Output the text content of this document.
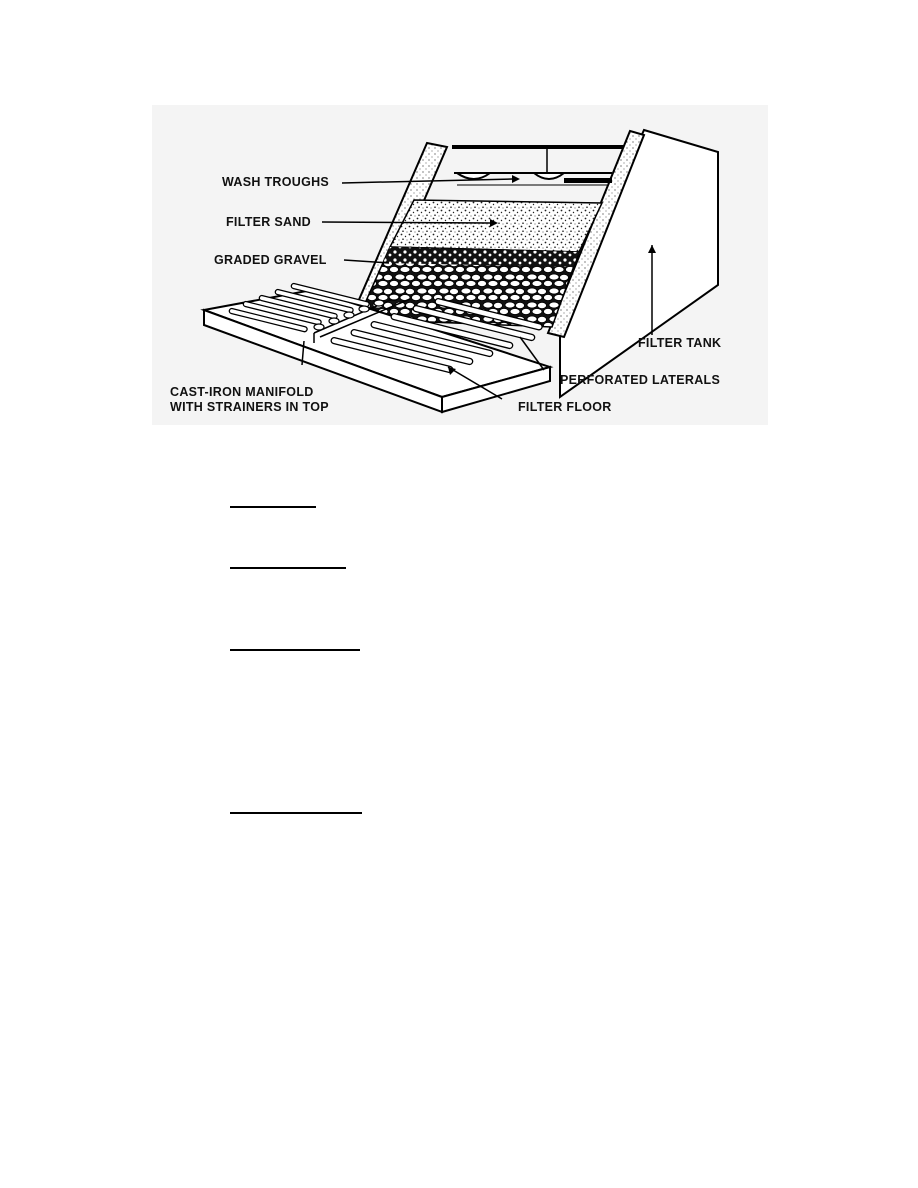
WASH TROUGHS
FILTER SAND
GRADED GRAVEL
FILTER TANK
PERFORATED LATERALS
CAST-IRON MANIFOLD
WITH STRAINERS IN TOP	FILTER FLOOR
